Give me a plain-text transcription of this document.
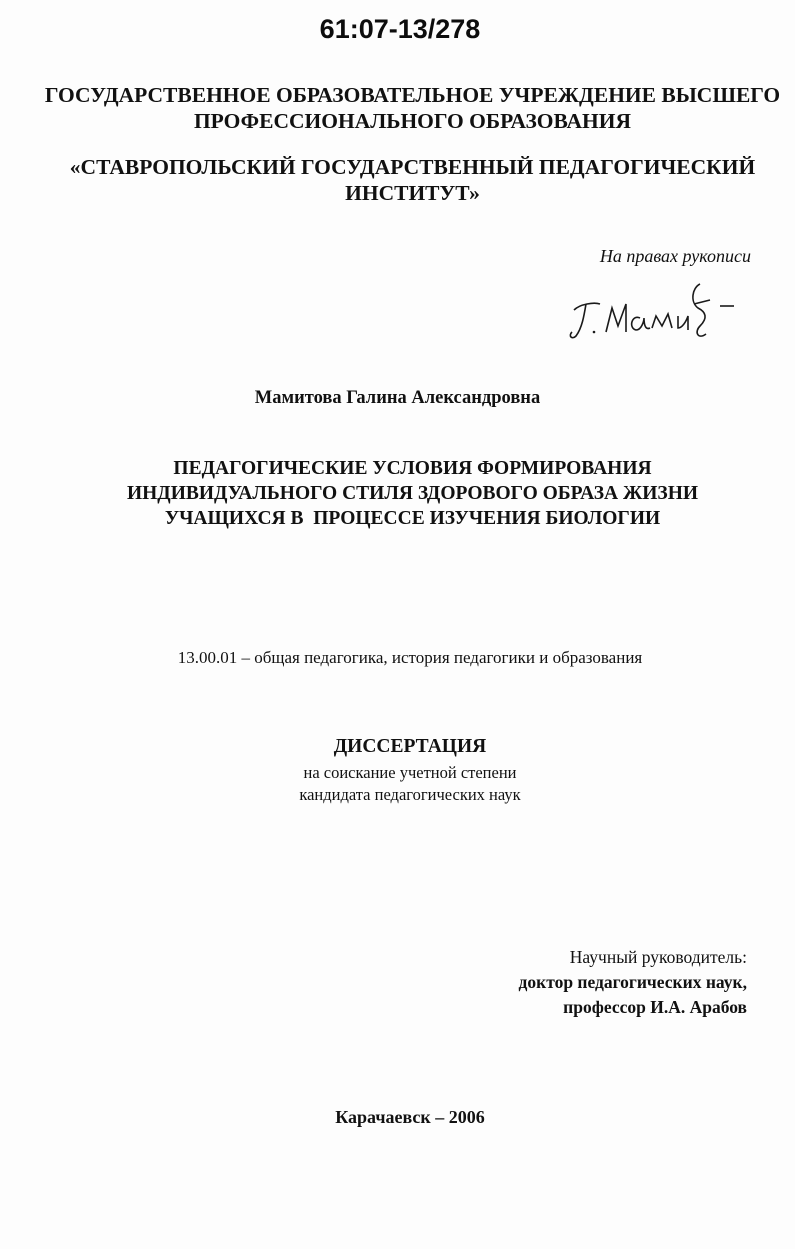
61:07-13/278
ГОСУДАРСТВЕННОЕ ОБРАЗОВАТЕЛЬНОЕ УЧРЕЖДЕНИЕ ВЫСШЕГО
ПРОФЕССИОНАЛЬНОГО ОБРАЗОВАНИЯ
«СТАВРОПОЛЬСКИЙ ГОСУДАРСТВЕННЫЙ ПЕДАГОГИЧЕСКИЙ
ИНСТИТУТ»
На правах рукописи
Мамитова Галина Александровна
ПЕДАГОГИЧЕСКИЕ УСЛОВИЯ ФОРМИРОВАНИЯ
ИНДИВИДУАЛЬНОГО СТИЛЯ ЗДОРОВОГО ОБРАЗА ЖИЗНИ
УЧАЩИХСЯ В  ПРОЦЕССЕ ИЗУЧЕНИЯ БИОЛОГИИ
13.00.01 – общая педагогика, история педагогики и образования
ДИССЕРТАЦИЯ
на соискание учетной степени
кандидата педагогических наук
Научный руководитель:
доктор педагогических наук,
профессор И.А. Арабов
Карачаевск – 2006
